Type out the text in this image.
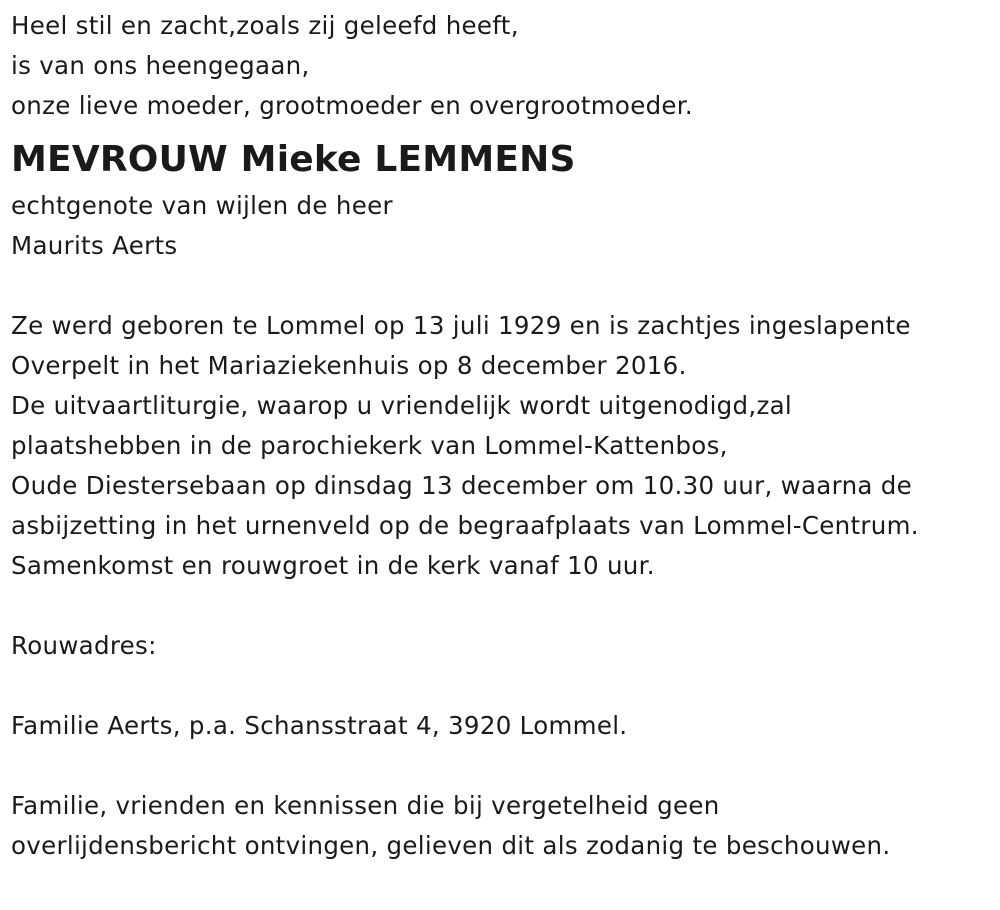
Heel stil en zacht,zoals zij geleefd heeft,
is van ons heengegaan,
onze lieve moeder, grootmoeder en overgrootmoeder.
MEVROUW Mieke LEMMENS
echtgenote van wijlen de heer
Maurits Aerts
Ze werd geboren te Lommel op 13 juli 1929 en is zachtjes ingeslapente
Overpelt in het Mariaziekenhuis op 8 december 2016.
De uitvaartliturgie, waarop u vriendelijk wordt uitgenodigd,zal
plaatshebben in de parochiekerk van Lommel-Kattenbos,
Oude Diestersebaan op dinsdag 13 december om 10.30 uur, waarna de
asbijzetting in het urnenveld op de begraafplaats van Lommel-Centrum.
Samenkomst en rouwgroet in de kerk vanaf 10 uur.
Rouwadres:
Familie Aerts, p.a. Schansstraat 4, 3920 Lommel.
Familie, vrienden en kennissen die bij vergetelheid geen
overlijdensbericht ontvingen, gelieven dit als zodanig te beschouwen.
